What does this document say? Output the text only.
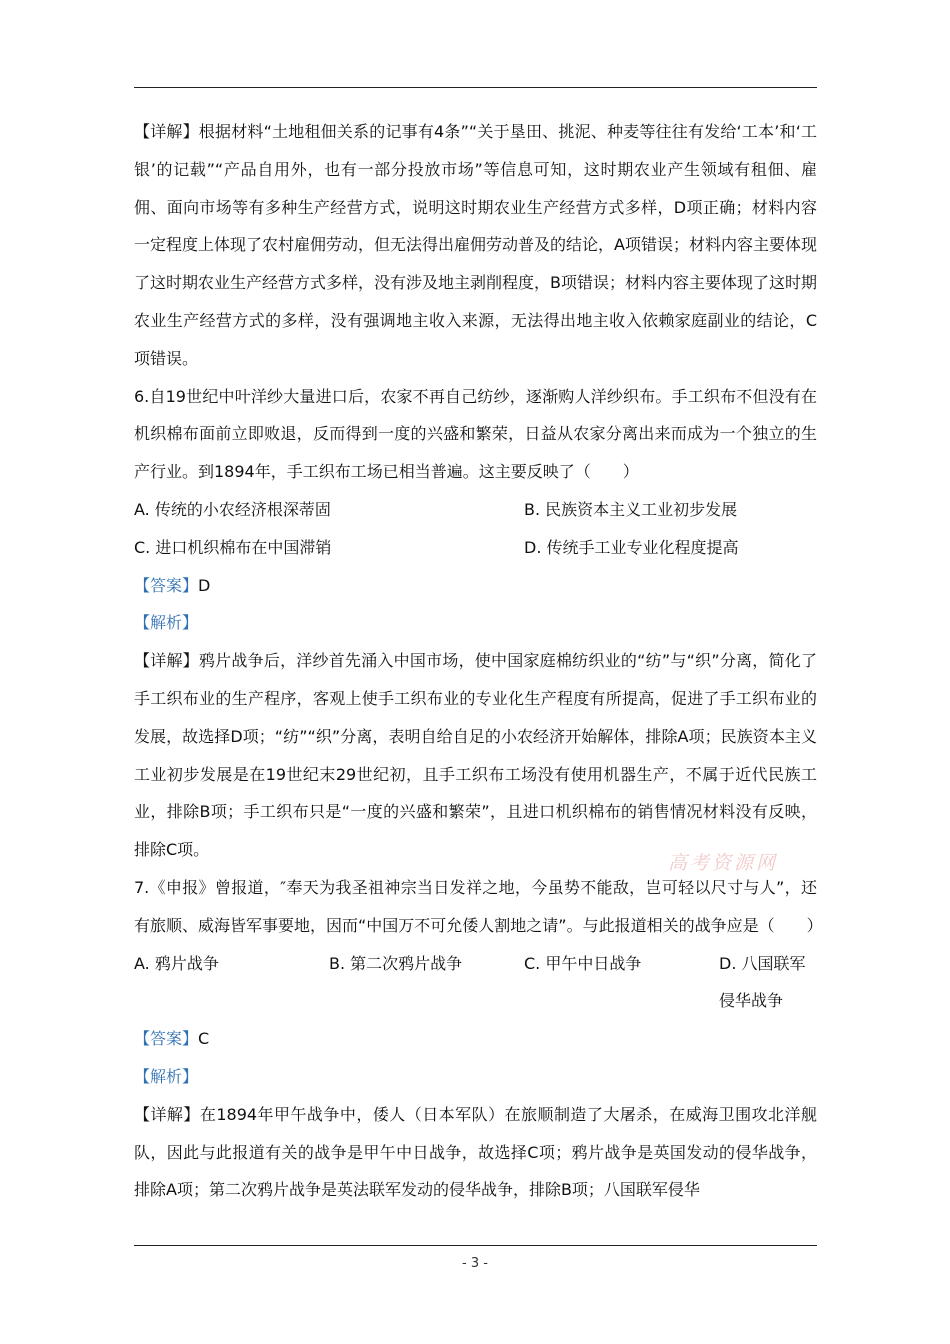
【详解】根据材料“土地租佃关系的记事有4条”“关于垦田、挑泥、种麦等往往有发给‘工本’和‘工银’的记载”“产品自用外，也有一部分投放市场”等信息可知，这时期农业产生领域有租佃、雇佣、面向市场等有多种生产经营方式，说明这时期农业生产经营方式多样，D项正确；材料内容一定程度上体现了农村雇佣劳动，但无法得出雇佣劳动普及的结论，A项错误；材料内容主要体现了这时期农业生产经营方式多样，没有涉及地主剥削程度，B项错误；材料内容主要体现了这时期农业生产经营方式的多样，没有强调地主收入来源，无法得出地主收入依赖家庭副业的结论，C项错误。
6.自19世纪中叶洋纱大量进口后，农家不再自己纺纱，逐渐购人洋纱织布。手工织布不但没有在机织棉布面前立即败退，反而得到一度的兴盛和繁荣，日益从农家分离出来而成为一个独立的生产行业。到1894年，手工织布工场已相当普遍。这主要反映了（　　）
A. 传统的小农经济根深蒂固	B. 民族资本主义工业初步发展
C. 进口机织棉布在中国滞销	D. 传统手工业专业化程度提高
【答案】D
【解析】
【详解】鸦片战争后，洋纱首先涌入中国市场，使中国家庭棉纺织业的“纺”与“织”分离，简化了手工织布业的生产程序，客观上使手工织布业的专业化生产程度有所提高，促进了手工织布业的发展，故选择D项；“纺”“织”分离，表明自给自足的小农经济开始解体，排除A项；民族资本主义工业初步发展是在19世纪末29世纪初，且手工织布工场没有使用机器生产，不属于近代民族工业，排除B项；手工织布只是“一度的兴盛和繁荣”，且进口机织棉布的销售情况材料没有反映，排除C项。
7.《申报》曾报道，″奉天为我圣祖神宗当日发祥之地，今虽势不能敌，岂可轻以尺寸与人”，还有旅顺、威海皆军事要地，因而“中国万不可允倭人割地之请”。与此报道相关的战争应是（　　）
A. 鸦片战争	B. 第二次鸦片战争	C. 甲午中日战争	D. 八国联军侵华战争
【答案】C
【解析】
【详解】在1894年甲午战争中，倭人（日本军队）在旅顺制造了大屠杀，在威海卫围攻北洋舰队，因此与此报道有关的战争是甲午中日战争，故选择C项；鸦片战争是英国发动的侵华战争，排除A项；第二次鸦片战争是英法联军发动的侵华战争，排除B项；八国联军侵华
高考资源网
- 3 -
